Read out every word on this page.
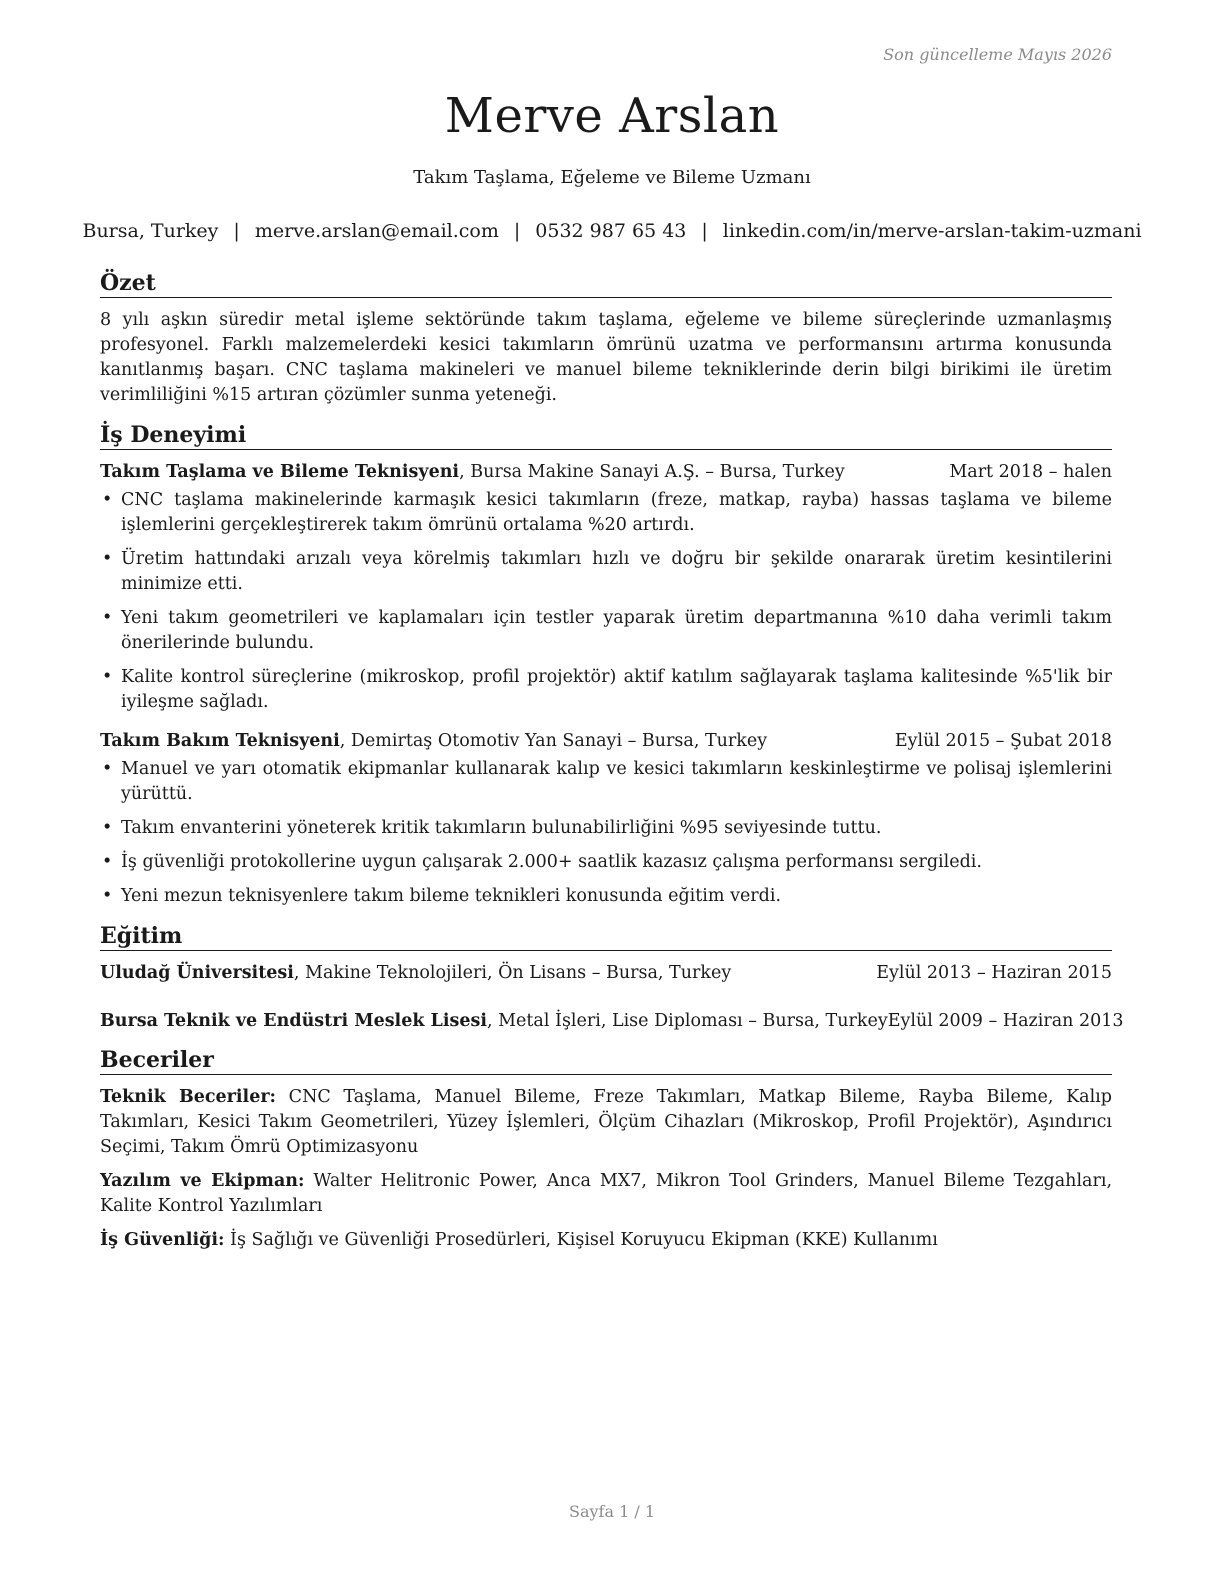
Son güncelleme Mayıs 2026
Merve Arslan
Takım Taşlama, Eğeleme ve Bileme Uzmanı
Bursa, Turkey | merve.arslan@email.com | 0532 987 65 43 | linkedin.com/in/merve-arslan-takim-uzmani
Özet

8 yılı aşkın süredir metal işleme sektöründe takım taşlama, eğeleme ve bileme süreçlerinde uzmanlaşmış profesyonel. Farklı malzemelerdeki kesici takımların ömrünü uzatma ve performansını artırma konusunda kanıtlanmış başarı. CNC taşlama makineleri ve manuel bileme tekniklerinde derin bilgi birikimi ile üretim verimliliğini %15 artıran çözümler sunma yeteneği.

İş Deneyimi
Takım Taşlama ve Bileme Teknisyeni, Bursa Makine Sanayi A.Ş. – Bursa, Turkey	Mart 2018 – halen
• CNC taşlama makinelerinde karmaşık kesici takımların (freze, matkap, rayba) hassas taşlama ve bileme işlemlerini gerçekleştirerek takım ömrünü ortalama %20 artırdı.
• Üretim hattındaki arızalı veya körelmiş takımları hızlı ve doğru bir şekilde onararak üretim kesintilerini minimize etti.
• Yeni takım geometrileri ve kaplamaları için testler yaparak üretim departmanına %10 daha verimli takım önerilerinde bulundu.
• Kalite kontrol süreçlerine (mikroskop, profil projektör) aktif katılım sağlayarak taşlama kalitesinde %5'lik bir iyileşme sağladı.
Takım Bakım Teknisyeni, Demirtaş Otomotiv Yan Sanayi – Bursa, Turkey	Eylül 2015 – Şubat 2018
• Manuel ve yarı otomatik ekipmanlar kullanarak kalıp ve kesici takımların keskinleştirme ve polisaj işlemlerini yürüttü.
• Takım envanterini yöneterek kritik takımların bulunabilirliğini %95 seviyesinde tuttu.
• İş güvenliği protokollerine uygun çalışarak 2.000+ saatlik kazasız çalışma performansı sergiledi.
• Yeni mezun teknisyenlere takım bileme teknikleri konusunda eğitim verdi.
Eğitim
Uludağ Üniversitesi, Makine Teknolojileri, Ön Lisans – Bursa, Turkey	Eylül 2013 – Haziran 2015
Bursa Teknik ve Endüstri Meslek Lisesi, Metal İşleri, Lise Diploması – Bursa, Turkey Eylül 2009 – Haziran 2013
Beceriler

Teknik Beceriler: CNC Taşlama, Manuel Bileme, Freze Takımları, Matkap Bileme, Rayba Bileme, Kalıp Takımları, Kesici Takım Geometrileri, Yüzey İşlemleri, Ölçüm Cihazları (Mikroskop, Profil Projektör), Aşındırıcı Seçimi, Takım Ömrü Optimizasyonu

Yazılım ve Ekipman: Walter Helitronic Power, Anca MX7, Mikron Tool Grinders, Manuel Bileme Tezgahları, Kalite Kontrol Yazılımları

İş Güvenliği: İş Sağlığı ve Güvenliği Prosedürleri, Kişisel Koruyucu Ekipman (KKE) Kullanımı

Sayfa 1 / 1
